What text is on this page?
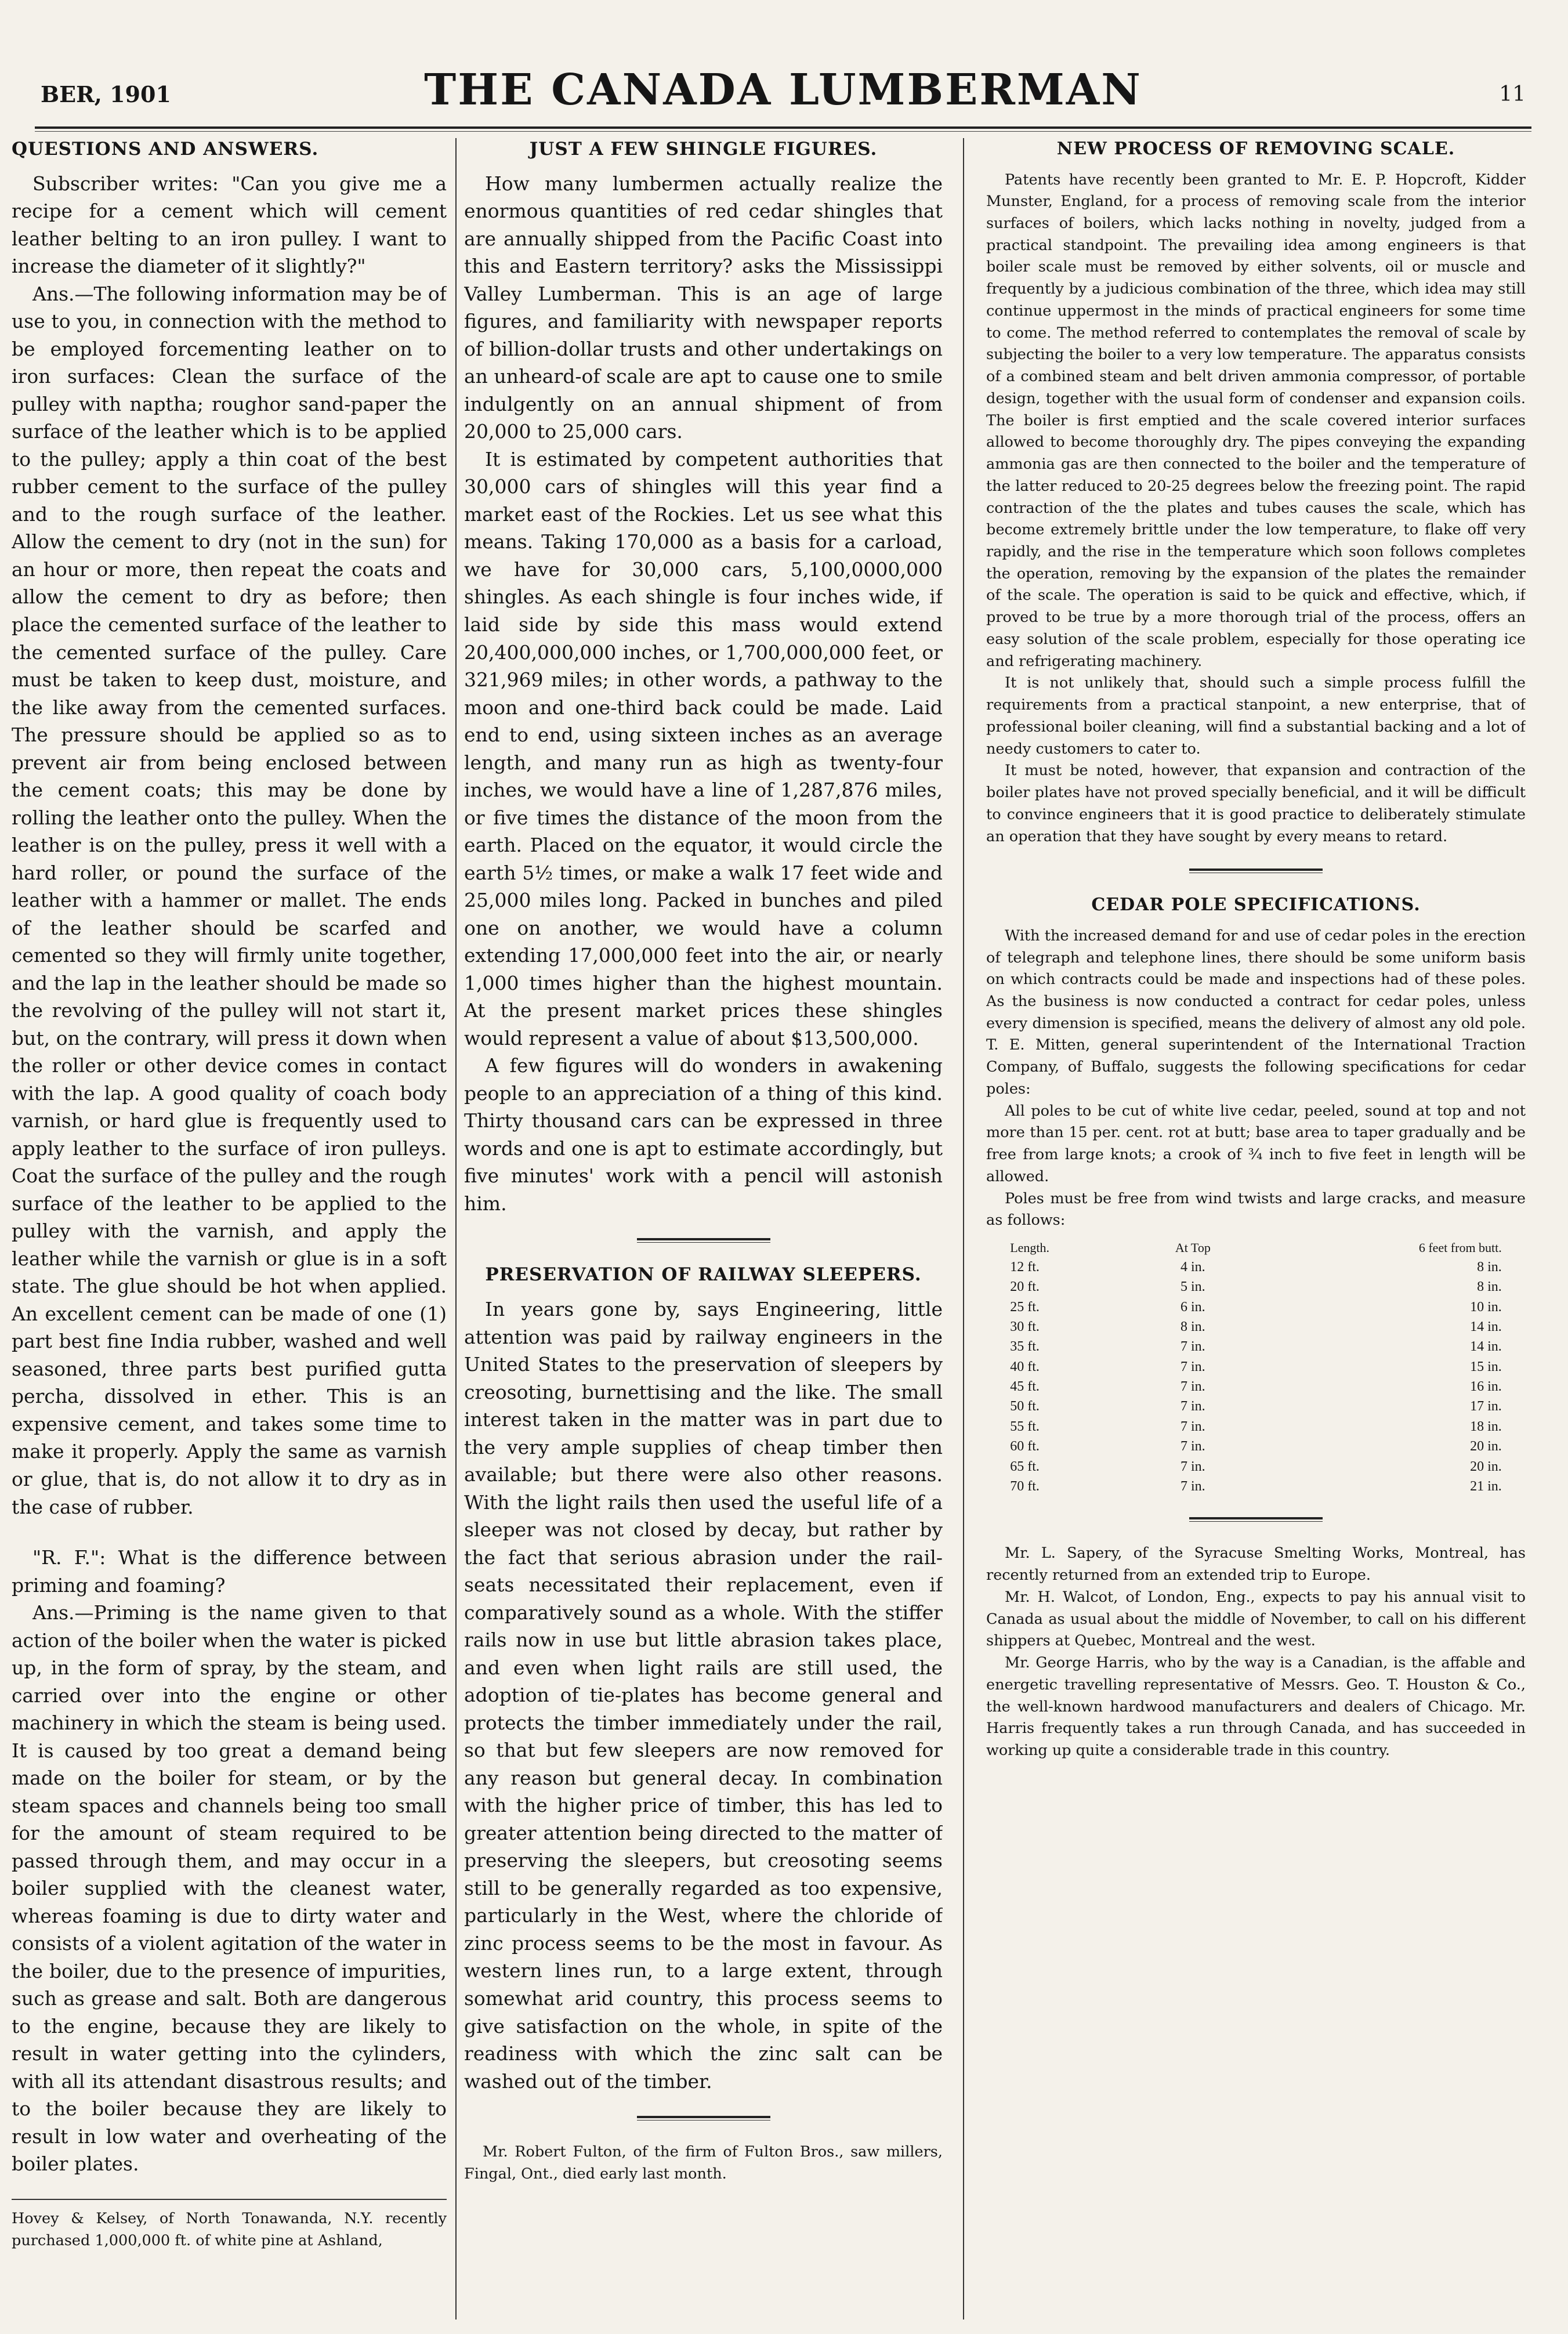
BER, 1901	THE CANADA LUMBERMAN	11
QUESTIONS AND ANSWERS.

Subscriber writes: "Can you give me a recipe for a cement which will cement leather belting to an iron pulley. I want to increase the diameter of it slightly?"

Ans.—The following information may be of use to you, in connection with the method to be employed forcementing leather on to iron surfaces: Clean the surface of the pulley with naptha; roughor sand-paper the surface of the leather which is to be applied to the pulley; apply a thin coat of the best rubber cement to the surface of the pulley and to the rough surface of the leather. Allow the cement to dry (not in the sun) for an hour or more, then repeat the coats and allow the cement to dry as before; then place the cemented surface of the leather to the cemented surface of the pulley. Care must be taken to keep dust, moisture, and the like away from the cemented surfaces. The pressure should be applied so as to prevent air from being enclosed between the cement coats; this may be done by rolling the leather onto the pulley. When the leather is on the pulley, press it well with a hard roller, or pound the surface of the leather with a hammer or mallet. The ends of the leather should be scarfed and cemented so they will firmly unite together, and the lap in the leather should be made so the revolving of the pulley will not start it, but, on the contrary, will press it down when the roller or other device comes in contact with the lap. A good quality of coach body varnish, or hard glue is frequently used to apply leather to the surface of iron pulleys. Coat the surface of the pulley and the rough surface of the leather to be applied to the pulley with the varnish, and apply the leather while the varnish or glue is in a soft state. The glue should be hot when applied. An excellent cement can be made of one (1) part best fine India rubber, washed and well seasoned, three parts best purified gutta percha, dissolved in ether. This is an expensive cement, and takes some time to make it properly. Apply the same as varnish or glue, that is, do not allow it to dry as in the case of rubber.

"R. F.": What is the difference between priming and foaming?

Ans.—Priming is the name given to that action of the boiler when the water is picked up, in the form of spray, by the steam, and carried over into the engine or other machinery in which the steam is being used. It is caused by too great a demand being made on the boiler for steam, or by the steam spaces and channels being too small for the amount of steam required to be passed through them, and may occur in a boiler supplied with the cleanest water, whereas foaming is due to dirty water and consists of a violent agitation of the water in the boiler, due to the presence of impurities, such as grease and salt. Both are dangerous to the engine, because they are likely to result in water getting into the cylinders, with all its attendant disastrous results; and to the boiler because they are likely to result in low water and overheating of the boiler plates.

Hovey & Kelsey, of North Tonawanda, N.Y. recently purchased 1,000,000 ft. of white pine at Ashland,

JUST A FEW SHINGLE FIGURES.

How many lumbermen actually realize the enormous quantities of red cedar shingles that are annually shipped from the Pacific Coast into this and Eastern territory? asks the Mississippi Valley Lumberman. This is an age of large figures, and familiarity with newspaper reports of billion-dollar trusts and other undertakings on an unheard-of scale are apt to cause one to smile indulgently on an annual shipment of from 20,000 to 25,000 cars.

It is estimated by competent authorities that 30,000 cars of shingles will this year find a market east of the Rockies. Let us see what this means. Taking 170,000 as a basis for a carload, we have for 30,000 cars, 5,100,0000,000 shingles. As each shingle is four inches wide, if laid side by side this mass would extend 20,400,000,000 inches, or 1,700,000,000 feet, or 321,969 miles; in other words, a pathway to the moon and one-third back could be made. Laid end to end, using sixteen inches as an average length, and many run as high as twenty-four inches, we would have a line of 1,287,876 miles, or five times the distance of the moon from the earth. Placed on the equator, it would circle the earth 5½ times, or make a walk 17 feet wide and 25,000 miles long. Packed in bunches and piled one on another, we would have a column extending 17,000,000 feet into the air, or nearly 1,000 times higher than the highest mountain. At the present market prices these shingles would represent a value of about $13,500,000.

A few figures will do wonders in awakening people to an appreciation of a thing of this kind. Thirty thousand cars can be expressed in three words and one is apt to estimate accordingly, but five minutes' work with a pencil will astonish him.

PRESERVATION OF RAILWAY SLEEPERS.

In years gone by, says Engineering, little attention was paid by railway engineers in the United States to the preservation of sleepers by creosoting, burnettising and the like. The small interest taken in the matter was in part due to the very ample supplies of cheap timber then available; but there were also other reasons. With the light rails then used the useful life of a sleeper was not closed by decay, but rather by the fact that serious abrasion under the rail-seats necessitated their replacement, even if comparatively sound as a whole. With the stiffer rails now in use but little abrasion takes place, and even when light rails are still used, the adoption of tie-plates has become general and protects the timber immediately under the rail, so that but few sleepers are now removed for any reason but general decay. In combination with the higher price of timber, this has led to greater attention being directed to the matter of preserving the sleepers, but creosoting seems still to be generally regarded as too expensive, particularly in the West, where the chloride of zinc process seems to be the most in favour. As western lines run, to a large extent, through somewhat arid country, this process seems to give satisfaction on the whole, in spite of the readiness with which the zinc salt can be washed out of the timber.

Mr. Robert Fulton, of the firm of Fulton Bros., saw millers, Fingal, Ont., died early last month.

NEW PROCESS OF REMOVING SCALE.

Patents have recently been granted to Mr. E. P. Hopcroft, Kidder Munster, England, for a process of removing scale from the interior surfaces of boilers, which lacks nothing in novelty, judged from a practical standpoint. The prevailing idea among engineers is that boiler scale must be removed by either solvents, oil or muscle and frequently by a judicious combination of the three, which idea may still continue uppermost in the minds of practical engineers for some time to come. The method referred to contemplates the removal of scale by subjecting the boiler to a very low temperature. The apparatus consists of a combined steam and belt driven ammonia compressor, of portable design, together with the usual form of condenser and expansion coils. The boiler is first emptied and the scale covered interior surfaces allowed to become thoroughly dry. The pipes conveying the expanding ammonia gas are then connected to the boiler and the temperature of the latter reduced to 20-25 degrees below the freezing point. The rapid contraction of the the plates and tubes causes the scale, which has become extremely brittle under the low temperature, to flake off very rapidly, and the rise in the temperature which soon follows completes the operation, removing by the expansion of the plates the remainder of the scale. The operation is said to be quick and effective, which, if proved to be true by a more thorough trial of the process, offers an easy solution of the scale problem, especially for those operating ice and refrigerating machinery.

It is not unlikely that, should such a simple process fulfill the requirements from a practical stanpoint, a new enterprise, that of professional boiler cleaning, will find a substantial backing and a lot of needy customers to cater to.

It must be noted, however, that expansion and contraction of the boiler plates have not proved specially beneficial, and it will be difficult to convince engineers that it is good practice to deliberately stimulate an operation that they have sought by every means to retard.

CEDAR POLE SPECIFICATIONS.

With the increased demand for and use of cedar poles in the erection of telegraph and telephone lines, there should be some uniform basis on which contracts could be made and inspections had of these poles. As the business is now conducted a contract for cedar poles, unless every dimension is specified, means the delivery of almost any old pole. T. E. Mitten, general superintendent of the International Traction Company, of Buffalo, suggests the following specifications for cedar poles:

All poles to be cut of white live cedar, peeled, sound at top and not more than 15 per. cent. rot at butt; base area to taper gradually and be free from large knots; a crook of ¾ inch to five feet in length will be allowed.

Poles must be free from wind twists and large cracks, and measure as follows:

Length.	At Top	6 feet from butt.
12 ft.	4 in.	8 in.
20 ft.	5 in.	8 in.
25 ft.	6 in.	10 in.
30 ft.	8 in.	14 in.
35 ft.	7 in.	14 in.
40 ft.	7 in.	15 in.
45 ft.	7 in.	16 in.
50 ft.	7 in.	17 in.
55 ft.	7 in.	18 in.
60 ft.	7 in.	20 in.
65 ft.	7 in.	20 in.
70 ft.	7 in.	21 in.

Mr. L. Sapery, of the Syracuse Smelting Works, Montreal, has recently returned from an extended trip to Europe.

Mr. H. Walcot, of London, Eng., expects to pay his annual visit to Canada as usual about the middle of November, to call on his different shippers at Quebec, Montreal and the west.

Mr. George Harris, who by the way is a Canadian, is the affable and energetic travelling representative of Messrs. Geo. T. Houston & Co., the well-known hardwood manufacturers and dealers of Chicago. Mr. Harris frequently takes a run through Canada, and has succeeded in working up quite a considerable trade in this country.
